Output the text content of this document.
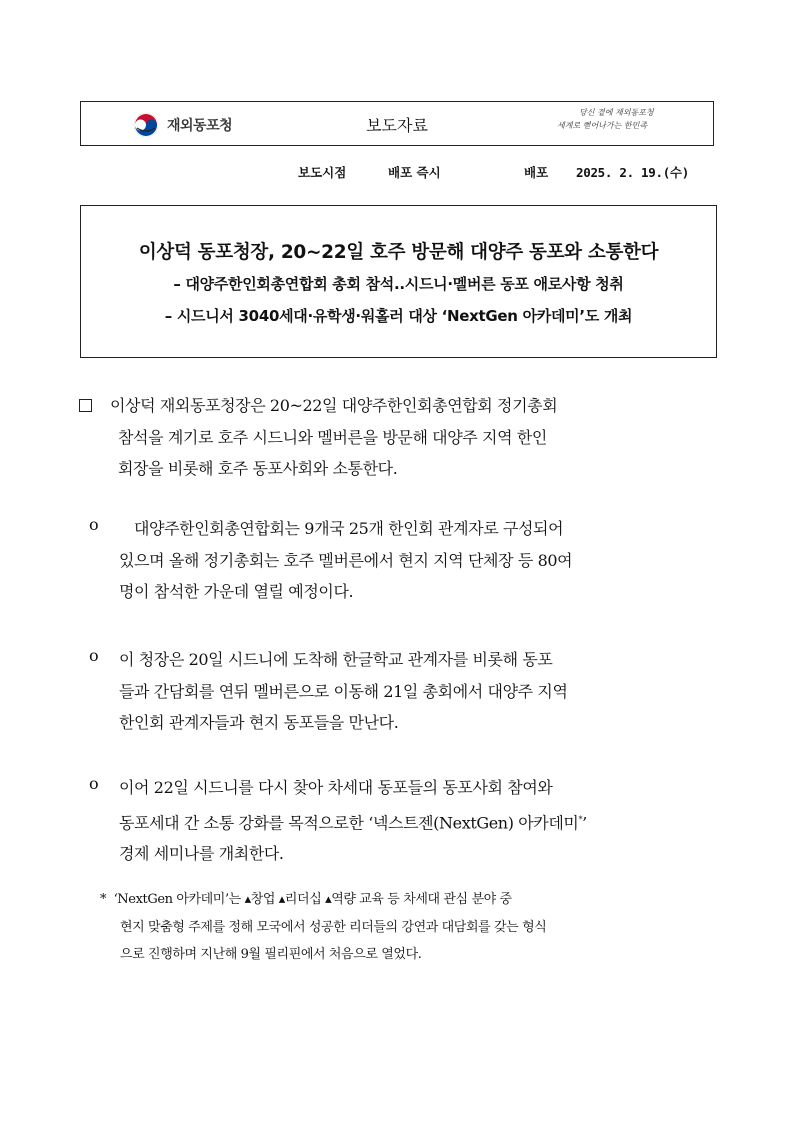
재외동포청	보도자료
당신 곁에 재외동포청
세계로 뻗어나가는 한민족
보도시점	배포 즉시	배포 2025. 2. 19.(수)
이상덕 동포청장, 20~22일 호주 방문해 대양주 동포와 소통한다
– 대양주한인회총연합회 총회 참석..시드니·멜버른 동포 애로사항 청취
– 시드니서 3040세대·유학생·워홀러 대상 ‘NextGen 아카데미’도 개최
이상덕 재외동포청장은 20~22일 대양주한인회총연합회 정기총회
참석을 계기로 호주 시드니와 멜버른을 방문해 대양주 지역 한인
회장을 비롯해 호주 동포사회와 소통한다.
o 대양주한인회총연합회는 9개국 25개 한인회 관계자로 구성되어
있으며 올해 정기총회는 호주 멜버른에서 현지 지역 단체장 등 80여
명이 참석한 가운데 열릴 예정이다.
o 이 청장은 20일 시드니에 도착해 한글학교 관계자를 비롯해 동포
들과 간담회를 연뒤 멜버른으로 이동해 21일 총회에서 대양주 지역
한인회 관계자들과 현지 동포들을 만난다.
o 이어 22일 시드니를 다시 찾아 차세대 동포들의 동포사회 참여와
동포세대 간 소통 강화를 목적으로한 ‘넥스트젠(NextGen) 아카데미*’
경제 세미나를 개최한다.
* ‘NextGen 아카데미’는 ▴창업 ▴리더십 ▴역량 교육 등 차세대 관심 분야 중
현지 맞춤형 주제를 정해 모국에서 성공한 리더들의 강연과 대담회를 갖는 형식
으로 진행하며 지난해 9월 필리핀에서 처음으로 열었다.
